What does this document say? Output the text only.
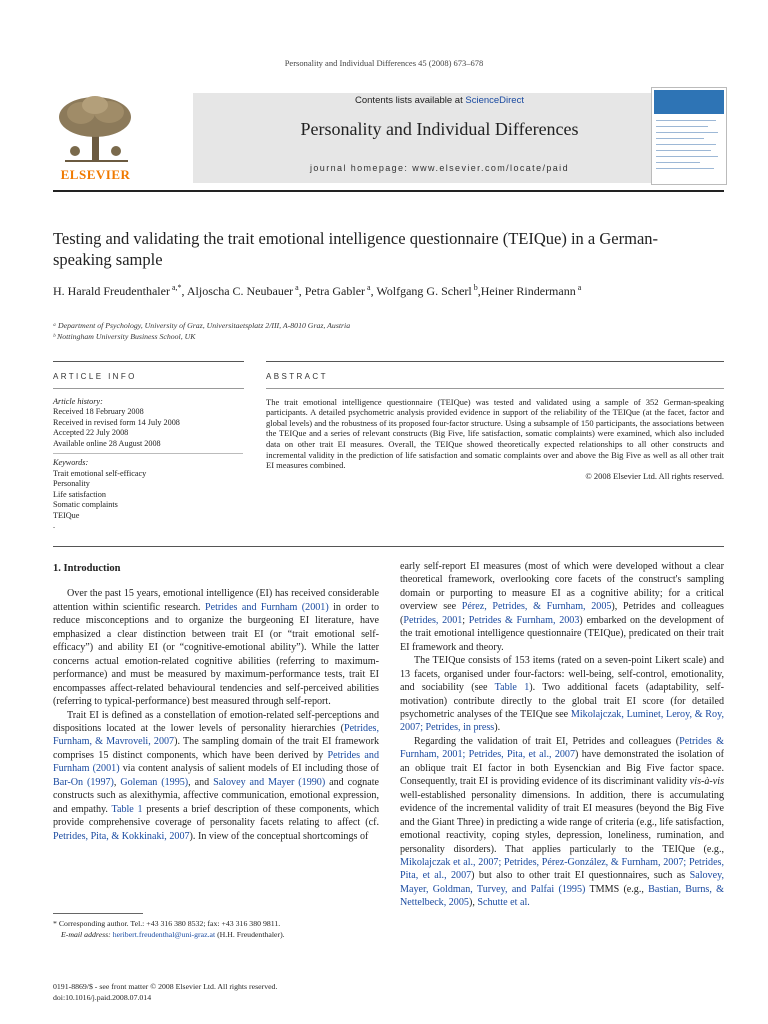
Personality and Individual Differences 45 (2008) 673–678
ELSEVIER
Contents lists available at ScienceDirect
Personality and Individual Differences
journal homepage: www.elsevier.com/locate/paid
Testing and validating the trait emotional intelligence questionnaire (TEIQue) in a German-speaking sample
H. Harald Freudenthaler $^{a,*}$, Aljoscha C. Neubauer $^a$, Petra Gabler $^a$, Wolfgang G. Scherl $^b$,Heiner Rindermann $^a$
ᵃ Department of Psychology, University of Graz, Universitaetsplatz 2/III, A-8010 Graz, Austria
ᵇ Nottingham University Business School, UK
ARTICLE INFO
Article history:
Received 18 February 2008
Received in revised form 14 July 2008
Accepted 22 July 2008
Available online 28 August 2008
Keywords:
Trait emotional self-efficacy
Personality
Life satisfaction
Somatic complaints
TEIQue
.
ABSTRACT

The trait emotional intelligence questionnaire (TEIQue) was tested and validated using a sample of 352 German-speaking participants. A detailed psychometric analysis provided evidence in support of the reliability of the TEIQue (at the facet, factor and global levels) and the robustness of its proposed four-factor structure. Using a subsample of 150 participants, the associations between the TEIQue and a series of relevant constructs (Big Five, life satisfaction, somatic complaints) were examined, which also included data on other trait EI measures. Overall, the TEIQue showed theoretically expected relationships to all other constructs and incremental validity in the prediction of life satisfaction and somatic complaints over and above the Big Five as well as all other trait EI measures combined.

© 2008 Elsevier Ltd. All rights reserved.
1. Introduction

Over the past 15 years, emotional intelligence (EI) has received considerable attention within scientific research. Petrides and Furnham (2001) in order to reduce misconceptions and to organize the burgeoning EI literature, have emphasized a clear distinction between trait EI (or “trait emotional self-efficacy”) and ability EI (or “cognitive-emotional ability”). While the latter concerns actual emotion-related cognitive abilities (referring to maximum-performance) and must be measured by maximum-performance tests, trait EI encompasses affect-related behavioural tendencies and self-perceived abilities (referring to typical-performance) best measured through self-report.

Trait EI is defined as a constellation of emotion-related self-perceptions and dispositions located at the lower levels of personality hierarchies (Petrides, Furnham, & Mavroveli, 2007). The sampling domain of the trait EI framework comprises 15 distinct components, which have been derived by Petrides and Furnham (2001) via content analysis of salient models of EI including those of Bar-On (1997), Goleman (1995), and Salovey and Mayer (1990) and cognate constructs such as alexithymia, affective communication, emotional expression, and empathy. Table 1 presents a brief description of these components, which provide comprehensive coverage of personality facets relating to affect (cf. Petrides, Pita, & Kokkinaki, 2007). In view of the conceptual shortcomings of

early self-report EI measures (most of which were developed without a clear theoretical framework, overlooking core facets of the construct's sampling domain or purporting to measure EI as a cognitive ability; for a critical overview see Pérez, Petrides, & Furnham, 2005), Petrides and colleagues (Petrides, 2001; Petrides & Furnham, 2003) embarked on the development of the trait emotional intelligence questionnaire (TEIQue), predicated on their trait EI framework and theory.

The TEIQue consists of 153 items (rated on a seven-point Likert scale) and 13 facets, organised under four-factors: well-being, self-control, emotionality, and sociability (see Table 1). Two additional facets (adaptability, self-motivation) contribute directly to the global trait EI score (for detailed psychometric analyses of the TEIQue see Mikolajczak, Luminet, Leroy, & Roy, 2007; Petrides, in press).

Regarding the validation of trait EI, Petrides and colleagues (Petrides & Furnham, 2001; Petrides, Pita, et al., 2007) have demonstrated the isolation of an oblique trait EI factor in both Eysenckian and Big Five factor space. Consequently, trait EI is providing evidence of its discriminant validity vis-à-vis well-established personality dimensions. In addition, there is accumulating evidence of the incremental validity of trait EI measures (beyond the Big Five and the Giant Three) in predicting a wide range of criteria (e.g., life satisfaction, emotional reactivity, coping styles, depression, loneliness, rumination, and personality disorders). That applies particularly to the TEIQue (e.g., Mikolajczak et al., 2007; Petrides, Pérez-González, & Furnham, 2007; Petrides, Pita, et al., 2007) but also to other trait EI questionnaires, such as Salovey, Mayer, Goldman, Turvey, and Palfai (1995) TMMS (e.g., Bastian, Burns, & Nettelbeck, 2005), Schutte et al.

* Corresponding author. Tel.: +43 316 380 8532; fax: +43 316 380 9811.
E-mail address: heribert.freudenthal@uni-graz.at (H.H. Freudenthaler).
0191-8869/$ - see front matter © 2008 Elsevier Ltd. All rights reserved.
doi:10.1016/j.paid.2008.07.014
